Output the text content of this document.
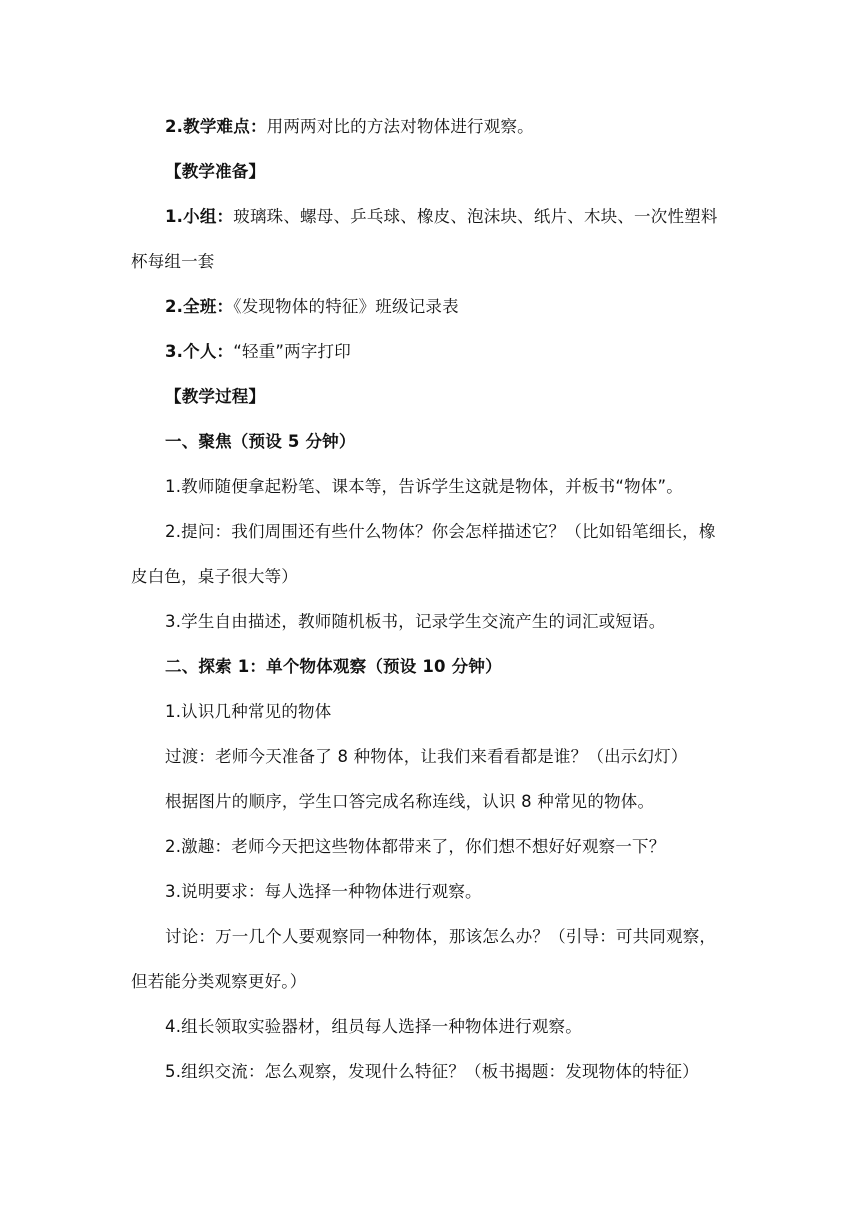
2.教学难点：用两两对比的方法对物体进行观察。
【教学准备】
1.小组：玻璃珠、螺母、乒乓球、橡皮、泡沫块、纸片、木块、一次性塑料
杯每组一套
2.全班：《发现物体的特征》班级记录表
3.个人：“轻重”两字打印
【教学过程】
一、聚焦（预设 5 分钟）
1.教师随便拿起粉笔、课本等，告诉学生这就是物体，并板书“物体”。
2.提问：我们周围还有些什么物体？你会怎样描述它？（比如铅笔细长，橡
皮白色，桌子很大等）
3.学生自由描述，教师随机板书，记录学生交流产生的词汇或短语。
二、探索 1：单个物体观察（预设 10 分钟）
1.认识几种常见的物体
过渡：老师今天准备了 8 种物体，让我们来看看都是谁？（出示幻灯）
根据图片的顺序，学生口答完成名称连线，认识 8 种常见的物体。
2.激趣：老师今天把这些物体都带来了，你们想不想好好观察一下？
3.说明要求：每人选择一种物体进行观察。
讨论：万一几个人要观察同一种物体，那该怎么办？（引导：可共同观察，
但若能分类观察更好。）
4.组长领取实验器材，组员每人选择一种物体进行观察。
5.组织交流：怎么观察，发现什么特征？（板书揭题：发现物体的特征）
